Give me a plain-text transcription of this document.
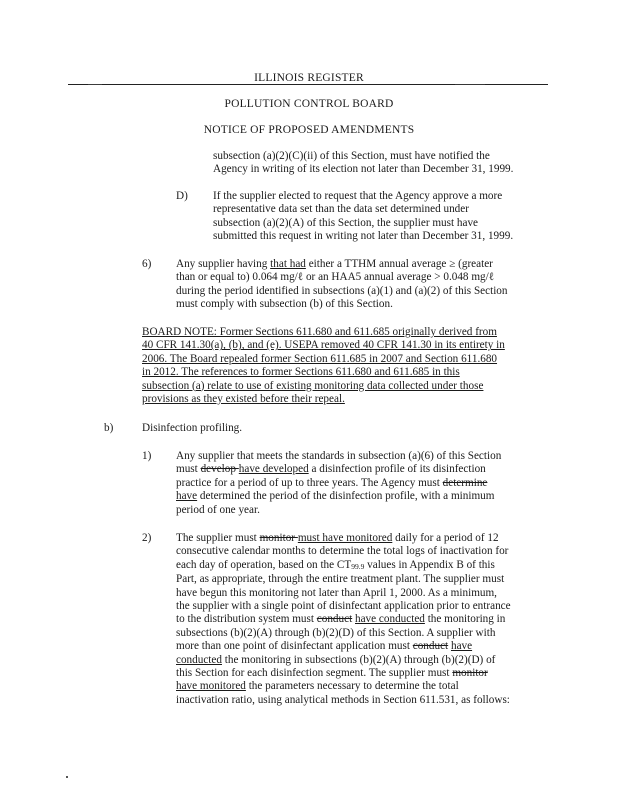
ILLINOIS REGISTER
POLLUTION CONTROL BOARD
NOTICE OF PROPOSED AMENDMENTS
subsection (a)(2)(C)(ii) of this Section, must have notified the
Agency in writing of its election not later than December 31, 1999.
D) If the supplier elected to request that the Agency approve a more
representative data set than the data set determined under
subsection (a)(2)(A) of this Section, the supplier must have
submitted this request in writing not later than December 31, 1999.
6) Any supplier having that had either a TTHM annual average ≥ (greater
than or equal to) 0.064 mg/ℓ or an HAA5 annual average > 0.048 mg/ℓ
during the period identified in subsections (a)(1) and (a)(2) of this Section
must comply with subsection (b) of this Section.
BOARD NOTE: Former Sections 611.680 and 611.685 originally derived from
40 CFR 141.30(a), (b), and (e). USEPA removed 40 CFR 141.30 in its entirety in
2006. The Board repealed former Section 611.685 in 2007 and Section 611.680
in 2012. The references to former Sections 611.680 and 611.685 in this
subsection (a) relate to use of existing monitoring data collected under those
provisions as they existed before their repeal.
b)	Disinfection profiling.
1) Any supplier that meets the standards in subsection (a)(6) of this Section
must develop have developed a disinfection profile of its disinfection
practice for a period of up to three years. The Agency must determine
have determined the period of the disinfection profile, with a minimum
period of one year.
2) The supplier must monitor must have monitored daily for a period of 12
consecutive calendar months to determine the total logs of inactivation for
each day of operation, based on the CT99.9 values in Appendix B of this
Part, as appropriate, through the entire treatment plant. The supplier must
have begun this monitoring not later than April 1, 2000. As a minimum,
the supplier with a single point of disinfectant application prior to entrance
to the distribution system must conduct have conducted the monitoring in
subsections (b)(2)(A) through (b)(2)(D) of this Section. A supplier with
more than one point of disinfectant application must conduct have
conducted the monitoring in subsections (b)(2)(A) through (b)(2)(D) of
this Section for each disinfection segment. The supplier must monitor
have monitored the parameters necessary to determine the total
inactivation ratio, using analytical methods in Section 611.531, as follows:
